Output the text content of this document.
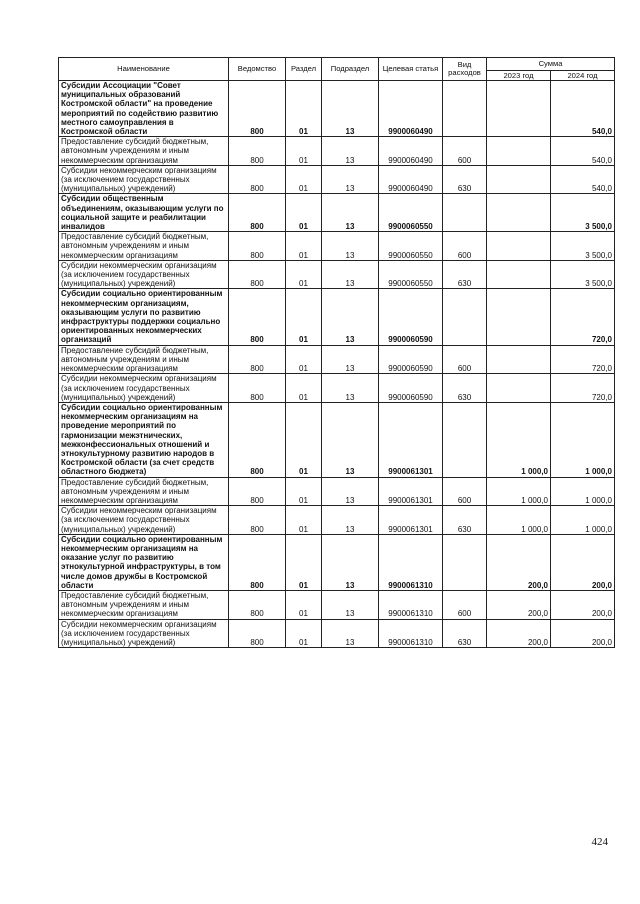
Наименование	Ведомство	Раздел	Подраздел	Целевая статья	Вид расходов	Сумма	
						2023 год	2024 год
Субсидии Ассоциации "Совет муниципальных образований Костромской области" на проведение мероприятий по содействию развитию местного самоуправления в Костромской области	800	01	13	9900060490			540,0
Предоставление субсидий бюджетным, автономным учреждениям и иным некоммерческим организациям	800	01	13	9900060490	600		540,0
Субсидии некоммерческим организациям (за исключением государственных (муниципальных) учреждений)	800	01	13	9900060490	630		540,0
Субсидии общественным объединениям, оказывающим услуги по социальной защите и реабилитации инвалидов	800	01	13	9900060550			3 500,0
Предоставление субсидий бюджетным, автономным учреждениям и иным некоммерческим организациям	800	01	13	9900060550	600		3 500,0
Субсидии некоммерческим организациям (за исключением государственных (муниципальных) учреждений)	800	01	13	9900060550	630		3 500,0
Субсидии социально ориентированным некоммерческим организациям, оказывающим услуги по развитию инфраструктуры поддержки социально ориентированных некоммерческих организаций	800	01	13	9900060590			720,0
Предоставление субсидий бюджетным, автономным учреждениям и иным некоммерческим организациям	800	01	13	9900060590	600		720,0
Субсидии некоммерческим организациям (за исключением государственных (муниципальных) учреждений)	800	01	13	9900060590	630		720,0
Субсидии социально ориентированным некоммерческим организациям на проведение мероприятий по гармонизации межэтнических, межконфессиональных отношений и этнокультурному развитию народов в Костромской области (за счет средств областного бюджета)	800	01	13	9900061301		1 000,0	1 000,0
Предоставление субсидий бюджетным, автономным учреждениям и иным некоммерческим организациям	800	01	13	9900061301	600	1 000,0	1 000,0
Субсидии некоммерческим организациям (за исключением государственных (муниципальных) учреждений)	800	01	13	9900061301	630	1 000,0	1 000,0
Субсидии социально ориентированным некоммерческим организациям на оказание услуг по развитию этнокультурной инфраструктуры, в том числе домов дружбы в Костромской области	800	01	13	9900061310		200,0	200,0
Предоставление субсидий бюджетным, автономным учреждениям и иным некоммерческим организациям	800	01	13	9900061310	600	200,0	200,0
Субсидии некоммерческим организациям (за исключением государственных (муниципальных) учреждений)	800	01	13	9900061310	630	200,0	200,0
424
